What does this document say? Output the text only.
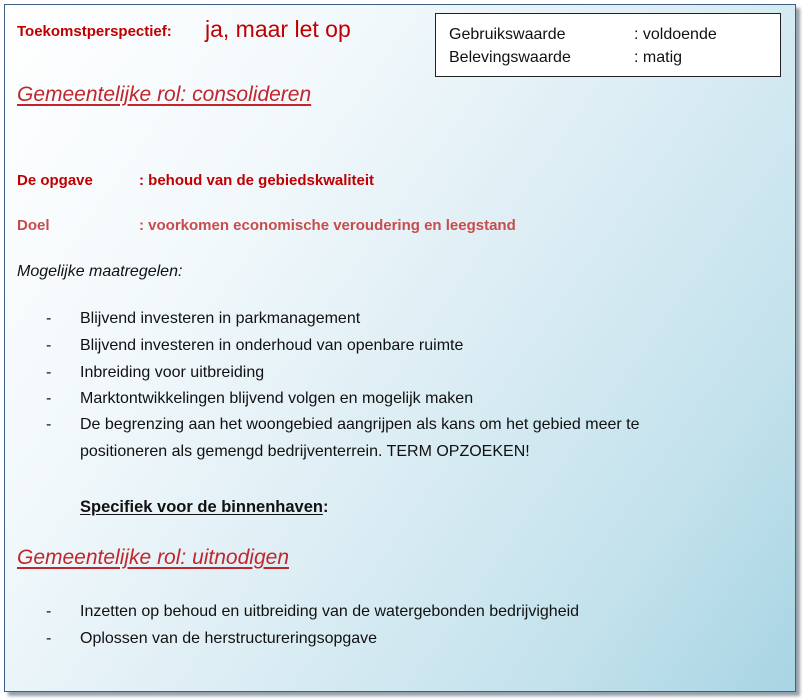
Toekomstperspectief: ja, maar let op	Gebruikswaarde	: voldoende
Belevingswaarde	: matig
Gemeentelijke rol: consolideren
De opgave	: behoud van de gebiedskwaliteit
Doel	: voorkomen economische veroudering en leegstand
Mogelijke maatregelen:
- Blijvend investeren in parkmanagement
- Blijvend investeren in onderhoud van openbare ruimte
- Inbreiding voor uitbreiding
- Marktontwikkelingen blijvend volgen en mogelijk maken
- De begrenzing aan het woongebied aangrijpen als kans om het gebied meer te
positioneren als gemengd bedrijventerrein. TERM OPZOEKEN!
Specifiek voor de binnenhaven:
Gemeentelijke rol: uitnodigen
- Inzetten op behoud en uitbreiding van de watergebonden bedrijvigheid
- Oplossen van de herstructureringsopgave
